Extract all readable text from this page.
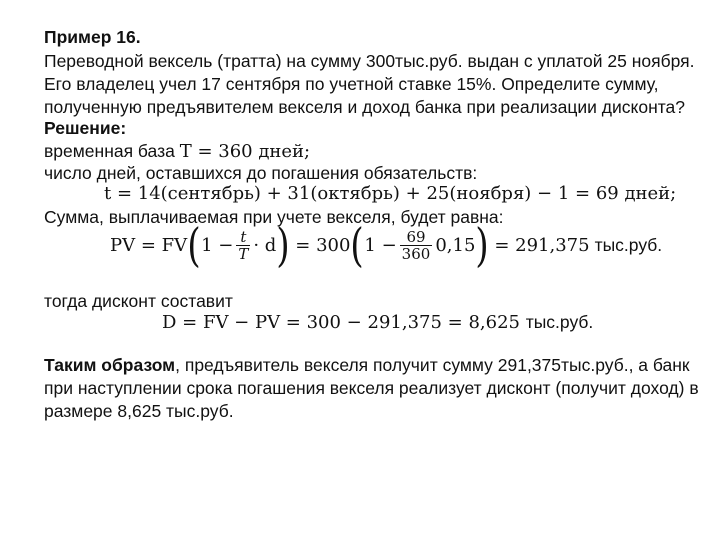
Пример 16.
Переводной вексель (тратта) на сумму 300тыс.руб. выдан с уплатой 25 ноября.
Его владелец учел 17 сентября по учетной ставке 15%. Определите сумму,
полученную предъявителем векселя и доход банка при реализации дисконта?
Решение:
временная база T = 360 дней;
число дней, оставшихся до погашения обязательств:
t = 14(сентябрь) + 31(октябрь) + 25(ноября) − 1 = 69 дней;
Сумма, выплачиваемая при учете векселя, будет равна:
PV = FV ( $1 - \frac{t}{T} \cdot d$ ) = 300 ( $1 - \frac{69}{360} 0,15$ ) = 291,375 тыс.руб.
тогда дисконт составит
D = FV − PV = 300 − 291,375 = 8,625 тыс.руб.
Таким образом, предъявитель векселя получит сумму 291,375тыс.руб., а банк
при наступлении срока погашения векселя реализует дисконт (получит доход) в
размере 8,625 тыс.руб.
